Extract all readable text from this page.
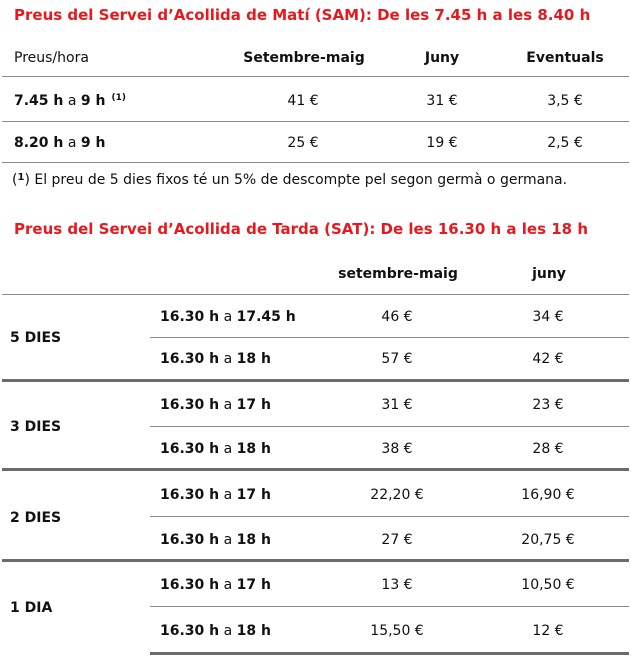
Preus del Servei d’Acollida de Matí (SAM): De les 7.45 h a les 8.40 h
Preus/hora	Setembre-maig	Juny	Eventuals
7.45 h a 9 h $^{(1)}$	41 €	31 €	3,5 €
8.20 h a 9 h	25 €	19 €	2,5 €
($^1$) El preu de 5 dies fixos té un 5% de descompte pel segon germà o germana.
Preus del Servei d’Acollida de Tarda (SAT): De les 16.30 h a les 18 h
setembre-maig	juny
5 DIES
16.30 h a 17.45 h	46 €	34 €
16.30 h a 18 h	57 €	42 €
3 DIES
16.30 h a 17 h	31 €	23 €
16.30 h a 18 h	38 €	28 €
2 DIES
16.30 h a 17 h	22,20 €	16,90 €
16.30 h a 18 h	27 €	20,75 €
1 DIA
16.30 h a 17 h	13 €	10,50 €
16.30 h a 18 h	15,50 €	12 €
